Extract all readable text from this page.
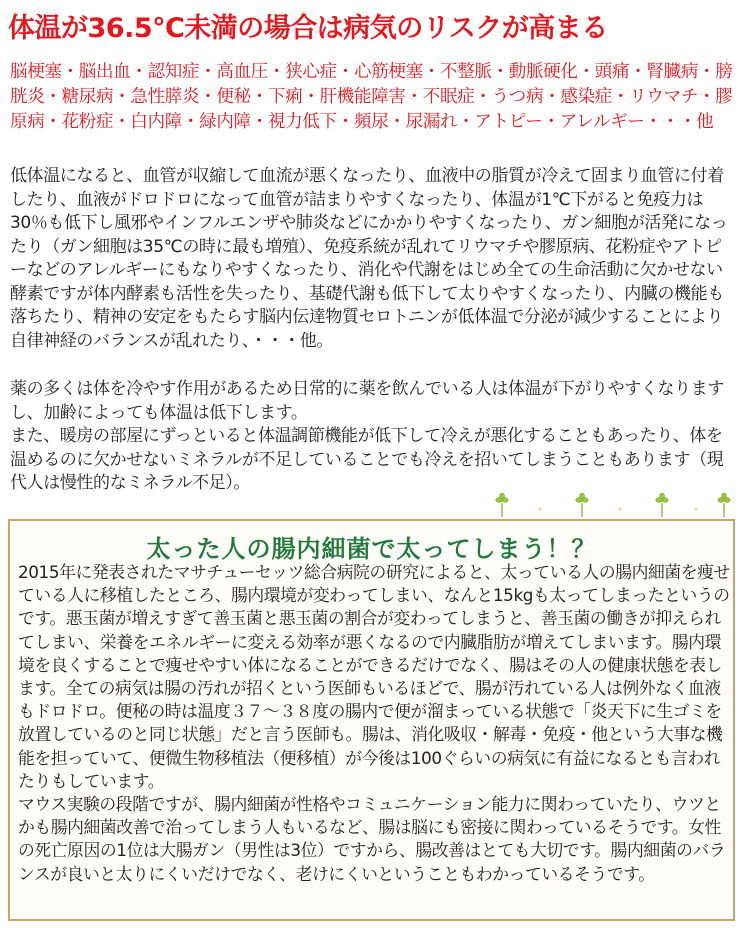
体温が36.5℃未満の場合は病気のリスクが高まる
脳梗塞・脳出血・認知症・高血圧・狭心症・心筋梗塞・不整脈・動脈硬化・頭痛・腎臓病・膀胱炎・糖尿病・急性膵炎・便秘・下痢・肝機能障害・不眠症・うつ病・感染症・リウマチ・膠原病・花粉症・白内障・緑内障・視力低下・頻尿・尿漏れ・アトピー・アレルギー・・・他
低体温になると、血管が収縮して血流が悪くなったり、血液中の脂質が冷えて固まり血管に付着したり、血液がドロドロになって血管が詰まりやすくなったり、体温が1℃下がると免疫力は30％も低下し風邪やインフルエンザや肺炎などにかかりやすくなったり、ガン細胞が活発になったり（ガン細胞は35℃の時に最も増殖）、免疫系統が乱れてリウマチや膠原病、花粉症やアトピーなどのアレルギーにもなりやすくなったり、消化や代謝をはじめ全ての生命活動に欠かせない酵素ですが体内酵素も活性を失ったり、基礎代謝も低下して太りやすくなったり、内臓の機能も落ちたり、精神の安定をもたらす脳内伝達物質セロトニンが低体温で分泌が減少することにより自律神経のバランスが乱れたり、・・・他。
薬の多くは体を冷やす作用があるため日常的に薬を飲んでいる人は体温が下がりやすくなりますし、加齢によっても体温は低下します。
また、暖房の部屋にずっといると体温調節機能が低下して冷えが悪化することもあったり、体を温めるのに欠かせないミネラルが不足していることでも冷えを招いてしまうこともあります（現代人は慢性的なミネラル不足）。
太った人の腸内細菌で太ってしまう！？
2015年に発表されたマサチューセッツ総合病院の研究によると、太っている人の腸内細菌を痩せている人に移植したところ、腸内環境が変わってしまい、なんと15kgも太ってしまったというのです。悪玉菌が増えすぎて善玉菌と悪玉菌の割合が変わってしまうと、善玉菌の働きが抑えられてしまい、栄養をエネルギーに変える効率が悪くなるので内臓脂肪が増えてしまいます。腸内環境を良くすることで痩せやすい体になることができるだけでなく、腸はその人の健康状態を表します。全ての病気は腸の汚れが招くという医師もいるほどで、腸が汚れている人は例外なく血液もドロドロ。便秘の時は温度３７～３８度の腸内で便が溜まっている状態で「炎天下に生ゴミを放置しているのと同じ状態」だと言う医師も。腸は、消化吸収・解毒・免疫・他という大事な機能を担っていて、便微生物移植法（便移植）が今後は100ぐらいの病気に有益になるとも言われたりもしています。
マウス実験の段階ですが、腸内細菌が性格やコミュニケーション能力に関わっていたり、ウツとかも腸内細菌改善で治ってしまう人もいるなど、腸は脳にも密接に関わっているそうです。女性の死亡原因の1位は大腸ガン（男性は3位）ですから、腸改善はとても大切です。腸内細菌のバランスが良いと太りにくいだけでなく、老けにくいということもわかっているそうです。
